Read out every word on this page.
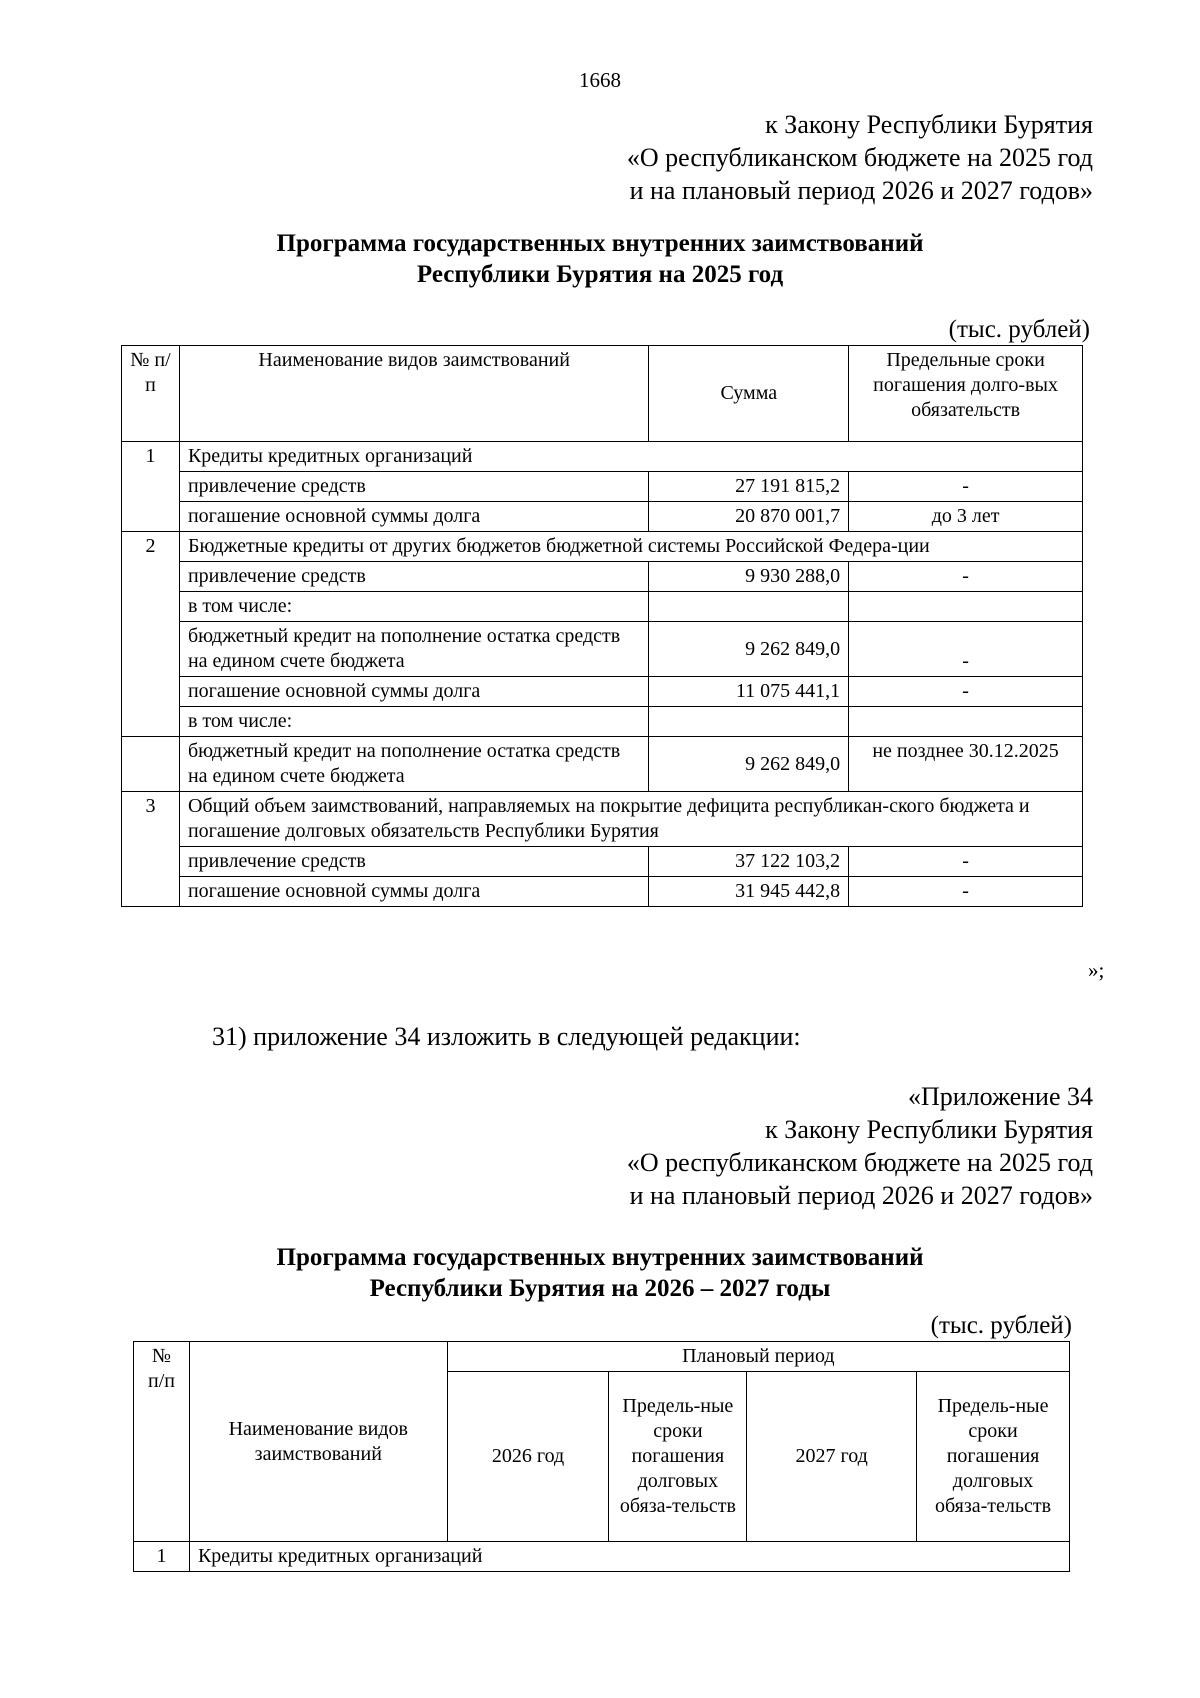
1668
к Закону Республики Бурятия
«О республиканском бюджете на 2025 год
и на плановый период 2026 и 2027 годов»
Программа государственных внутренних заимствований
Республики Бурятия на 2025 год
(тыс. рублей)
№ п/п	Наименование видов заимствований	Сумма	Предельные сроки погашения долго-вых обязательств
1	Кредиты кредитных организаций		
	привлечение средств	27 191 815,2	-
	погашение основной суммы долга	20 870 001,7	до 3 лет
2	Бюджетные кредиты от других бюджетов бюджетной системы Российской Федера-ции		
	привлечение средств	9 930 288,0	-
	в том числе:		
	бюджетный кредит на пополнение остатка средств на едином счете бюджета	9 262 849,0	-
	погашение основной суммы долга	11 075 441,1	-
	в том числе:		
	бюджетный кредит на пополнение остатка средств на едином счете бюджета	9 262 849,0	не позднее 30.12.2025
3	Общий объем заимствований, направляемых на покрытие дефицита республикан-ского бюджета и погашение долговых обязательств Республики Бурятия		
	привлечение средств	37 122 103,2	-
	погашение основной суммы долга	31 945 442,8	-
»;
31) приложение 34 изложить в следующей редакции:
«Приложение 34
к Закону Республики Бурятия
«О республиканском бюджете на 2025 год
и на плановый период 2026 и 2027 годов»
Программа государственных внутренних заимствований
Республики Бурятия на 2026 – 2027 годы
(тыс. рублей)
№ п/п	Наименование видов заимствований	Плановый период			
		2026 год	Предель-ные сроки погашения долговых обяза-тельств	2027 год	Предель-ные сроки погашения долговых обяза-тельств
1	Кредиты кредитных организаций				
